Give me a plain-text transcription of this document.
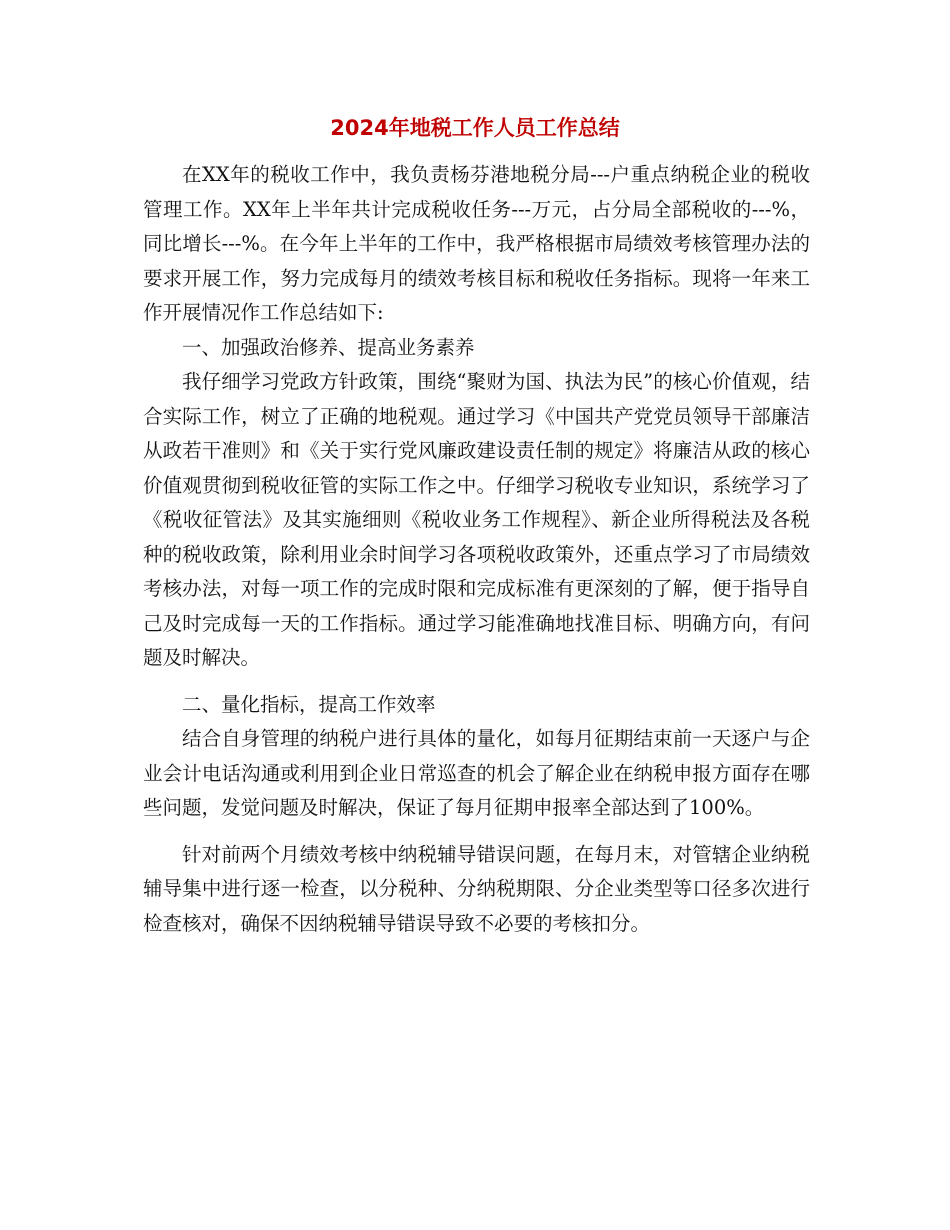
2024年地税工作人员工作总结

在XX年的税收工作中，我负责杨芬港地税分局---户重点纳税企业的税收管理工作。XX年上半年共计完成税收任务---万元，占分局全部税收的---%，同比增长---%。在今年上半年的工作中，我严格根据市局绩效考核管理办法的要求开展工作，努力完成每月的绩效考核目标和税收任务指标。现将一年来工作开展情况作工作总结如下:

一、加强政治修养、提高业务素养

我仔细学习党政方针政策，围绕“聚财为国、执法为民”的核心价值观，结合实际工作，树立了正确的地税观。通过学习《中国共产党党员领导干部廉洁从政若干准则》和《关于实行党风廉政建设责任制的规定》将廉洁从政的核心价值观贯彻到税收征管的实际工作之中。仔细学习税收专业知识，系统学习了《税收征管法》及其实施细则《税收业务工作规程》、新企业所得税法及各税种的税收政策，除利用业余时间学习各项税收政策外，还重点学习了市局绩效考核办法，对每一项工作的完成时限和完成标准有更深刻的了解，便于指导自己及时完成每一天的工作指标。通过学习能准确地找准目标、明确方向，有问题及时解决。

二、量化指标，提高工作效率

结合自身管理的纳税户进行具体的量化，如每月征期结束前一天逐户与企业会计电话沟通或利用到企业日常巡查的机会了解企业在纳税申报方面存在哪些问题，发觉问题及时解决，保证了每月征期申报率全部达到了100%。

针对前两个月绩效考核中纳税辅导错误问题，在每月末，对管辖企业纳税辅导集中进行逐一检查，以分税种、分纳税期限、分企业类型等口径多次进行检查核对，确保不因纳税辅导错误导致不必要的考核扣分。
